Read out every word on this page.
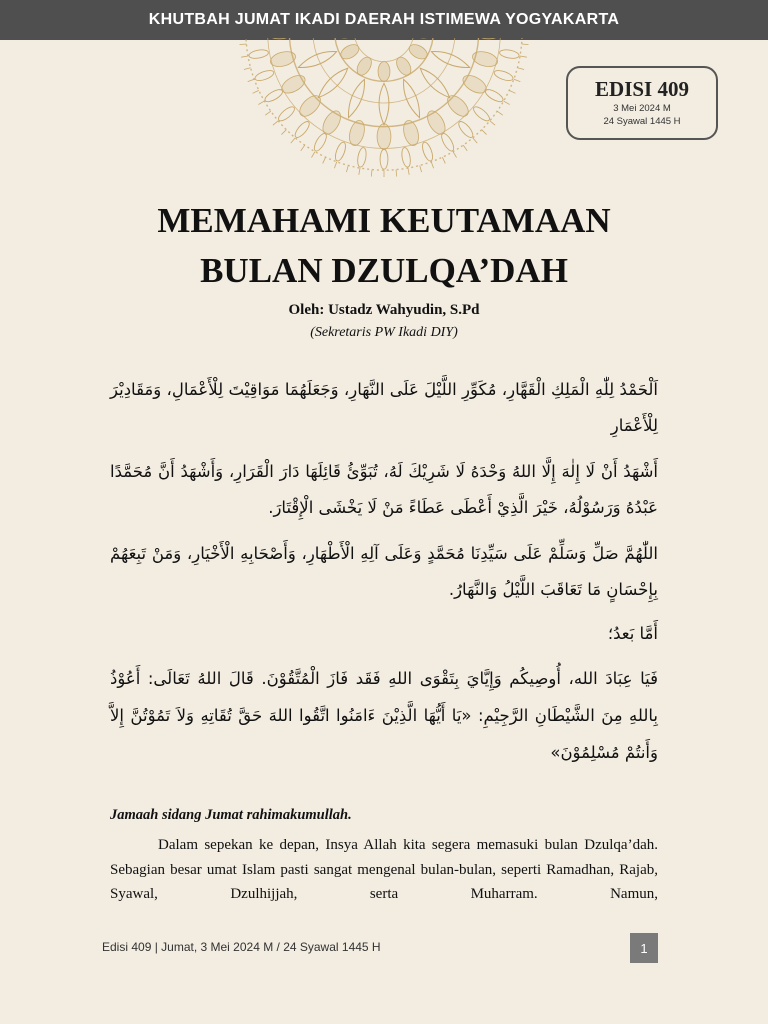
KHUTBAH JUMAT IKADI DAERAH ISTIMEWA YOGYAKARTA
EDISI 409
3 Mei 2024 M
24 Syawal 1445 H
MEMAHAMI KEUTAMAAN
BULAN DZULQA’DAH
Oleh: Ustadz Wahyudin, S.Pd
(Sekretaris PW Ikadi DIY)
اَلْحَمْدُ لِلّٰهِ الْمَلِكِ الْقَهَّارِ، مُكَوِّرِ اللَّيْلَ عَلَى النَّهَارِ، وَجَعَلَهُمَا مَوَاقِيْتَ لِلْأَعْمَالِ، وَمَقَادِيْرَ لِلْأَعْمَارِ
أَشْهَدُ أَنْ لَا إِلٰهَ إِلَّا اللهُ وَحْدَهُ لَا شَرِيْكَ لَهُ، تُبَوِّئُ قَائِلَهَا دَارَ الْقَرَارِ، وَأَشْهَدُ أَنَّ مُحَمَّدًا عَبْدُهُ وَرَسُوْلُهُ، خَيْرَ الَّذِيْ أَعْطَى عَطَاءً مَنْ لَا يَخْشَى الْإِقْتَارَ.
اللّٰهُمَّ صَلِّ وَسَلِّمْ عَلَى سَيِّدِنَا مُحَمَّدٍ وَعَلَى آلِهِ الْأَطْهَارِ، وَأَصْحَابِهِ الْأَخْيَارِ، وَمَنْ تَبِعَهُمْ بِإِحْسَانٍ مَا تَعَاقَبَ اللَّيْلُ وَالنَّهَارُ.
أَمَّا بَعدُ؛
فَيَا عِبَادَ الله، أُوصِيكُم وَإِيَّايَ بِتَقْوَى اللهِ فَقَد فَازَ الْمُتَّقُوْنَ. قَالَ اللهُ تَعَالَى: أَعُوْذُ بِاللهِ مِنَ الشَّيْطَانِ الرَّجِيْمِ: «يَا أَيُّهَا الَّذِيْنَ ءَامَنُوا اتَّقُوا اللهَ حَقَّ تُقَاتِهِ وَلاَ تَمُوْتُنَّ إِلاَّ وَأَنتُمْ مُسْلِمُوْنَ»
Jamaah sidang Jumat rahimakumullah.
Dalam sepekan ke depan, Insya Allah kita segera memasuki bulan Dzulqa’dah. Sebagian besar umat Islam pasti sangat mengenal bulan-bulan, seperti Ramadhan, Rajab, Syawal, Dzulhijjah, serta Muharram. Namun,
Edisi 409 | Jumat, 3 Mei 2024 M / 24 Syawal 1445 H	1
